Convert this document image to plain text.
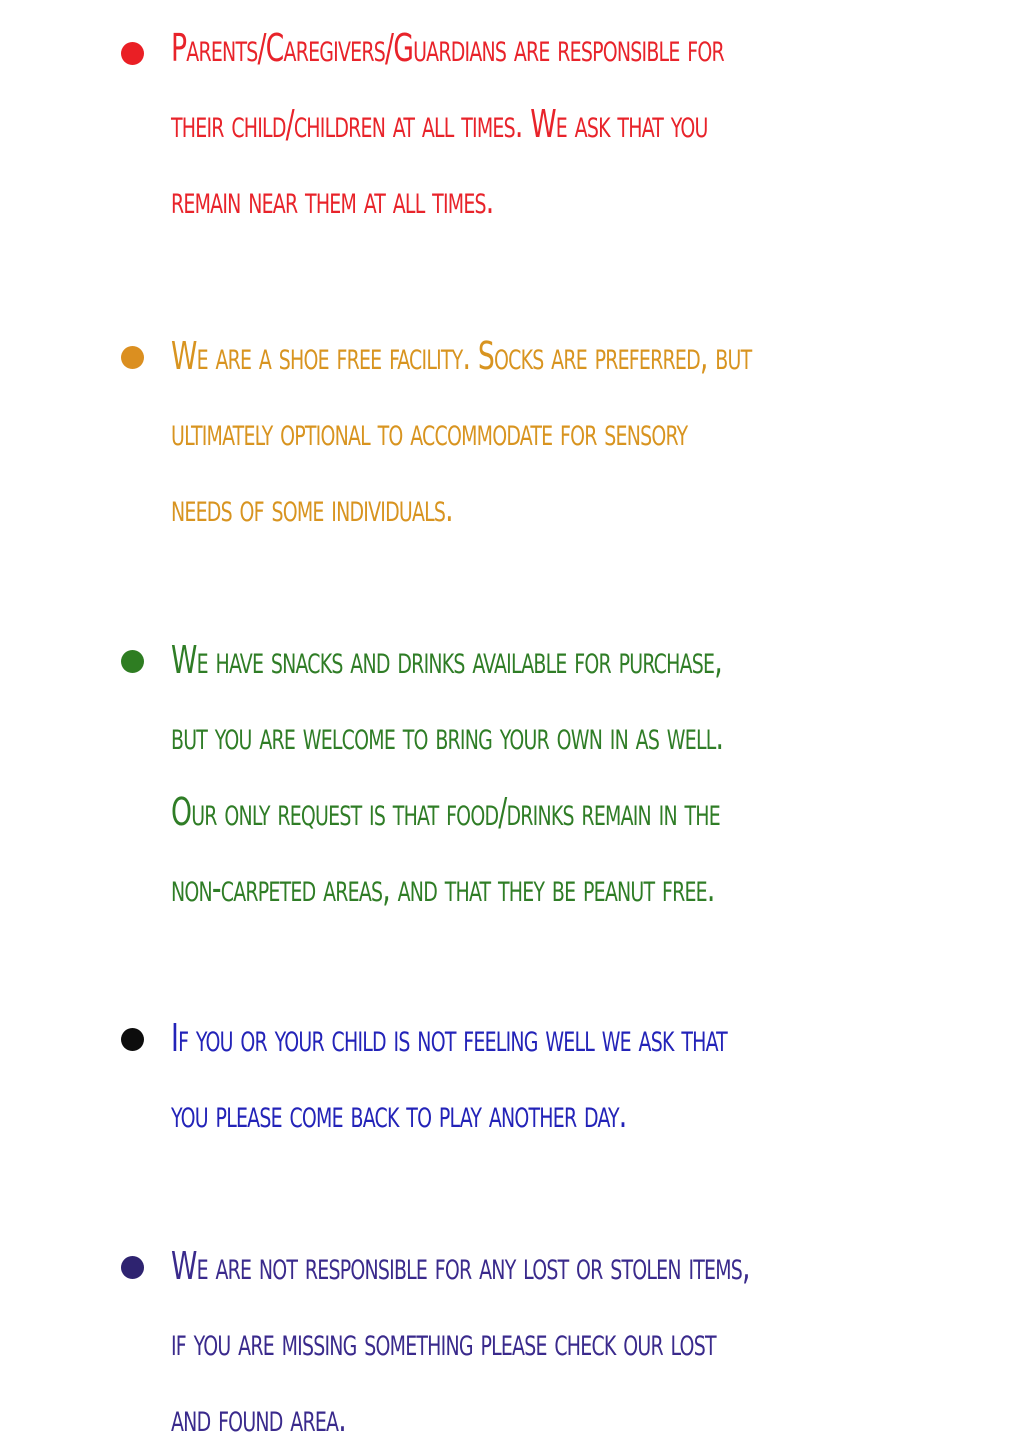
Parents/Caregivers/Guardians are responsible for
their child/children at all times. We ask that you
remain near them at all times.
We are a shoe free facility. Socks are preferred, but
ultimately optional to accommodate for sensory
needs of some individuals.
We have snacks and drinks available for purchase,
but you are welcome to bring your own in as well.
Our only request is that food/drinks remain in the
non-carpeted areas, and that they be peanut free.
If you or your child is not feeling well we ask that
you please come back to play another day.
We are not responsible for any lost or stolen items,
if you are missing something please check our lost
and found area.
